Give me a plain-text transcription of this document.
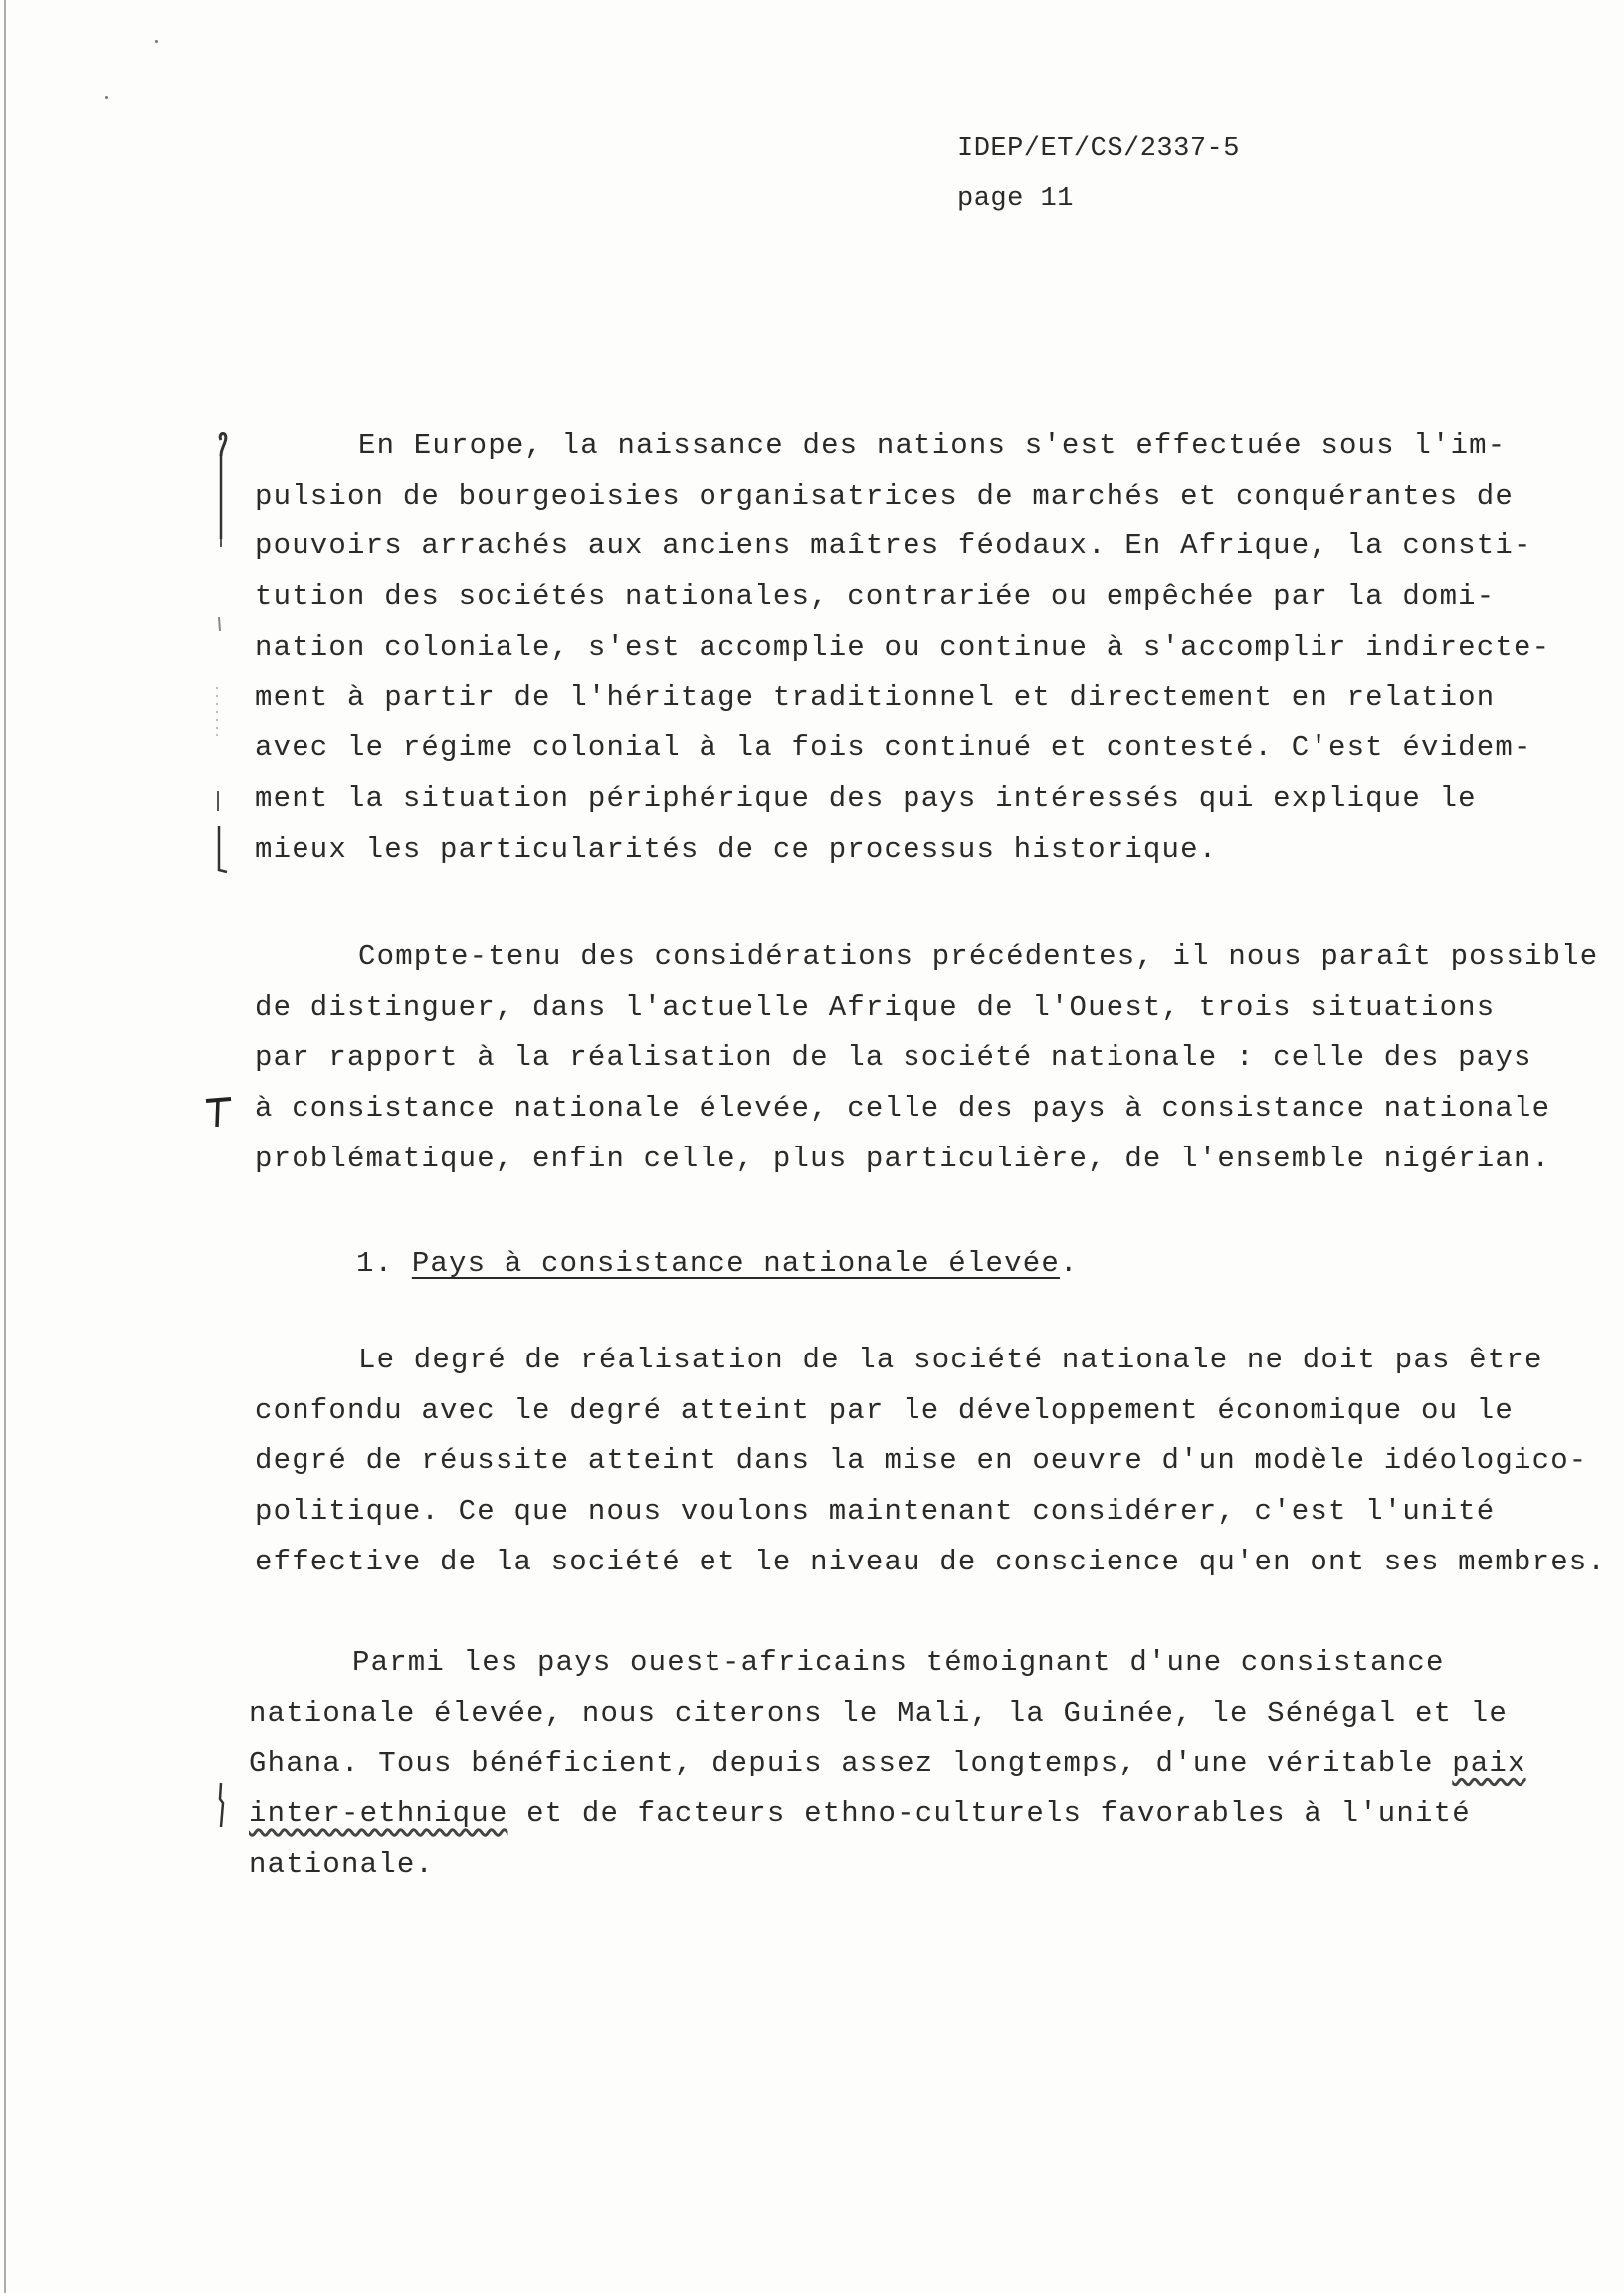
IDEP/ET/CS/2337-5
page 11
En Europe, la naissance des nations s'est effectuée sous l'im-
pulsion de bourgeoisies organisatrices de marchés et conquérantes de
pouvoirs arrachés aux anciens maîtres féodaux. En Afrique, la consti-
tution des sociétés nationales, contrariée ou empêchée par la domi-
nation coloniale, s'est accomplie ou continue à s'accomplir indirecte-
ment à partir de l'héritage traditionnel et directement en relation
avec le régime colonial à la fois continué et contesté. C'est évidem-
ment la situation périphérique des pays intéressés qui explique le
mieux les particularités de ce processus historique.
Compte-tenu des considérations précédentes, il nous paraît possible
de distinguer, dans l'actuelle Afrique de l'Ouest, trois situations
par rapport à la réalisation de la société nationale : celle des pays
à consistance nationale élevée, celle des pays à consistance nationale
problématique, enfin celle, plus particulière, de l'ensemble nigérian.
1. Pays à consistance nationale élevée.
Le degré de réalisation de la société nationale ne doit pas être
confondu avec le degré atteint par le développement économique ou le
degré de réussite atteint dans la mise en oeuvre d'un modèle idéologico-
politique. Ce que nous voulons maintenant considérer, c'est l'unité
effective de la société et le niveau de conscience qu'en ont ses membres.
Parmi les pays ouest-africains témoignant d'une consistance
nationale élevée, nous citerons le Mali, la Guinée, le Sénégal et le
Ghana. Tous bénéficient, depuis assez longtemps, d'une véritable paix
inter-ethnique et de facteurs ethno-culturels favorables à l'unité
nationale.
